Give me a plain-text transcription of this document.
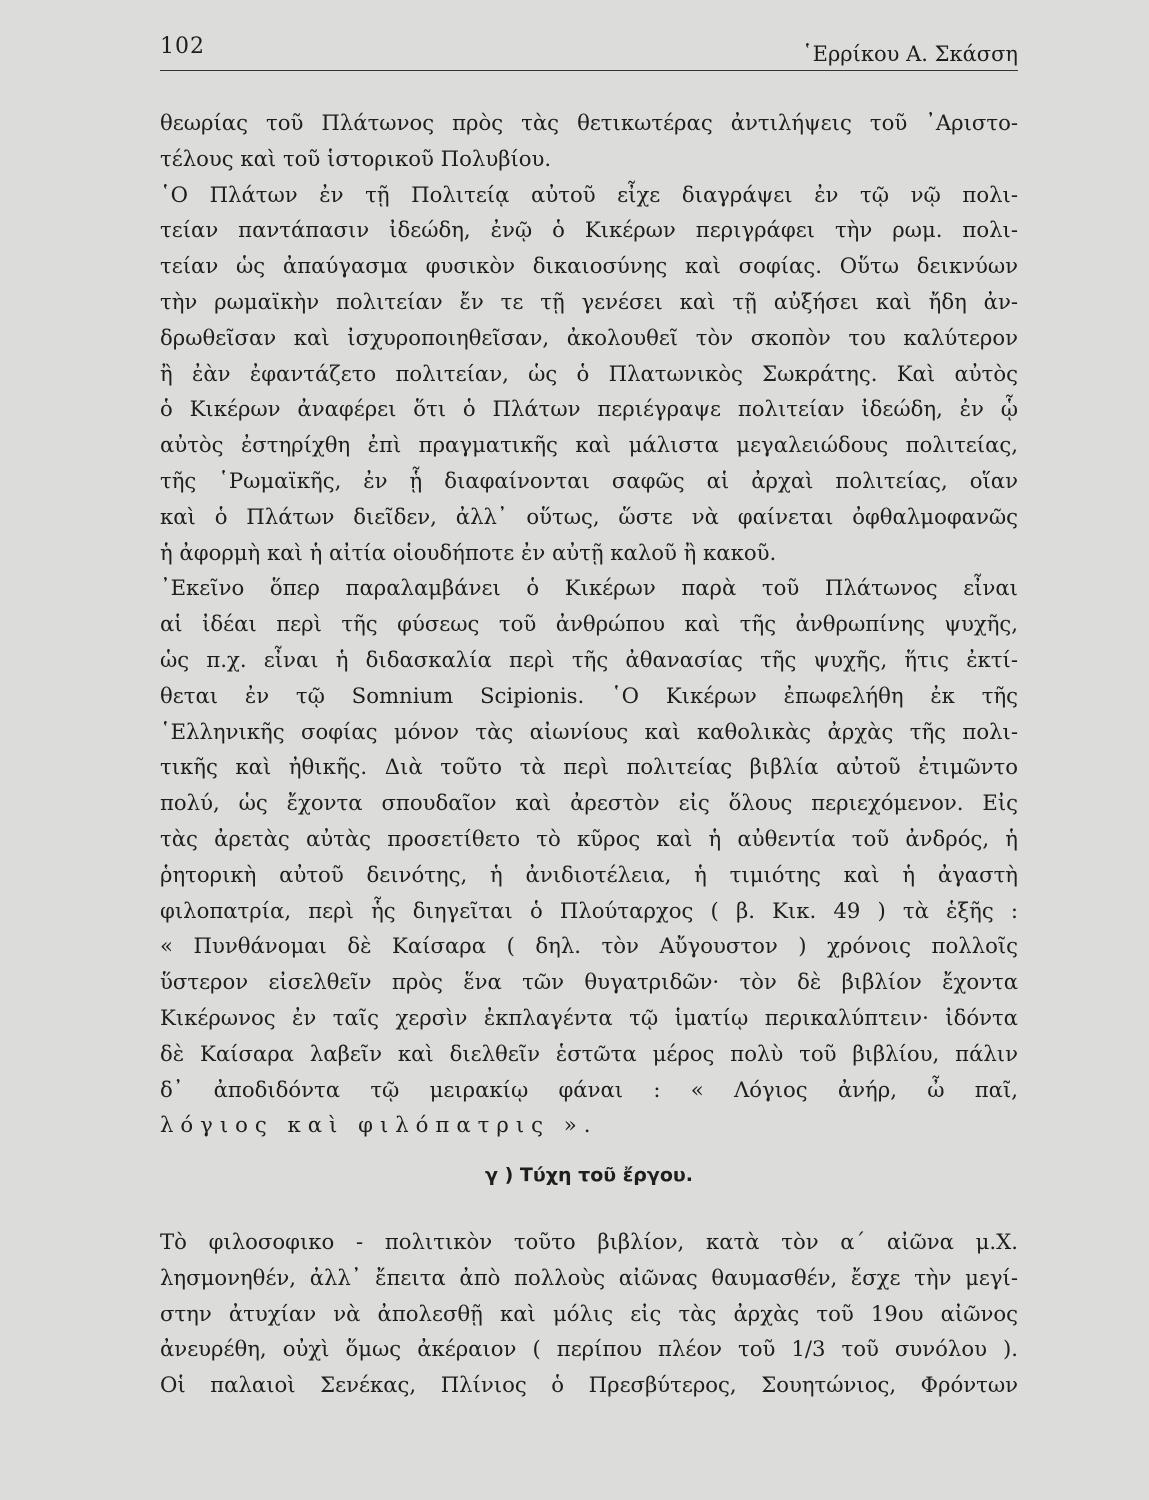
102	῾Ερρίκου Α. Σκάσση

θεωρίας τοῦ Πλάτωνος πρὸς τὰς θετικωτέρας ἀντιλήψεις τοῦ ᾿Αριστο-

τέλους καὶ τοῦ ἱστορικοῦ Πολυβίου.

῾Ο Πλάτων ἐν τῇ Πολιτείᾳ αὐτοῦ εἶχε διαγράψει ἐν τῷ νῷ πολι-

τείαν παντάπασιν ἰδεώδη, ἐνῷ ὁ Κικέρων περιγράφει τὴν ρωμ. πολι-

τείαν ὡς ἀπαύγασμα φυσικὸν δικαιοσύνης καὶ σοφίας. Οὕτω δεικνύων

τὴν ρωμαϊκὴν πολιτείαν ἔν τε τῇ γενέσει καὶ τῇ αὐξήσει καὶ ἤδη ἀν-

δρωθεῖσαν καὶ ἰσχυροποιηθεῖσαν, ἀκολουθεῖ τὸν σκοπὸν του καλύτερον

ἢ ἐὰν ἐφαντάζετο πολιτείαν, ὡς ὁ Πλατωνικὸς Σωκράτης. Καὶ αὐτὸς

ὁ Κικέρων ἀναφέρει ὅτι ὁ Πλάτων περιέγραψε πολιτείαν ἰδεώδη, ἐν ᾧ

αὐτὸς ἐστηρίχθη ἐπὶ πραγματικῆς καὶ μάλιστα μεγαλειώδους πολιτείας,

τῆς ῾Ρωμαϊκῆς, ἐν ᾗ διαφαίνονται σαφῶς αἱ ἀρχαὶ πολιτείας, οἵαν

καὶ ὁ Πλάτων διεῖδεν, ἀλλ᾿ οὕτως, ὥστε νὰ φαίνεται ὀφθαλμοφανῶς

ἡ ἀφορμὴ καὶ ἡ αἰτία οἱουδήποτε ἐν αὐτῇ καλοῦ ἢ κακοῦ.

᾿Εκεῖνο ὅπερ παραλαμβάνει ὁ Κικέρων παρὰ τοῦ Πλάτωνος εἶναι

αἱ ἰδέαι περὶ τῆς φύσεως τοῦ ἀνθρώπου καὶ τῆς ἀνθρωπίνης ψυχῆς,

ὡς π.χ. εἶναι ἡ διδασκαλία περὶ τῆς ἀθανασίας τῆς ψυχῆς, ἥτις ἐκτί-

θεται ἐν τῷ Somnium Scipionis. ῾Ο Κικέρων ἐπωφελήθη ἐκ τῆς

῾Ελληνικῆς σοφίας μόνον τὰς αἰωνίους καὶ καθολικὰς ἀρχὰς τῆς πολι-

τικῆς καὶ ἠθικῆς. Διὰ τοῦτο τὰ περὶ πολιτείας βιβλία αὐτοῦ ἐτιμῶντο

πολύ, ὡς ἔχοντα σπουδαῖον καὶ ἀρεστὸν εἰς ὅλους περιεχόμενον. Εἰς

τὰς ἀρετὰς αὐτὰς προσετίθετο τὸ κῦρος καὶ ἡ αὐθεντία τοῦ ἀνδρός, ἡ

ῥητορικὴ αὐτοῦ δεινότης, ἡ ἀνιδιοτέλεια, ἡ τιμιότης καὶ ἡ ἀγαστὴ

φιλοπατρία, περὶ ἧς διηγεῖται ὁ Πλούταρχος ( β. Κικ. 49 ) τὰ ἑξῆς :

« Πυνθάνομαι δὲ Καίσαρα ( δηλ. τὸν Αὔγουστον ) χρόνοις πολλοῖς

ὕστερον εἰσελθεῖν πρὸς ἕνα τῶν θυγατριδῶν· τὸν δὲ βιβλίον ἔχοντα

Κικέρωνος ἐν ταῖς χερσὶν ἐκπλαγέντα τῷ ἱματίῳ περικαλύπτειν· ἰδόντα

δὲ Καίσαρα λαβεῖν καὶ διελθεῖν ἑστῶτα μέρος πολὺ τοῦ βιβλίου, πάλιν

δ᾿ ἀποδιδόντα τῷ μειρακίῳ φάναι : « Λόγιος ἀνήρ, ὦ παῖ,

λόγιος καὶ φιλόπατρις ».

γ ) Τύχη τοῦ ἔργου.

Τὸ φιλοσοφικο - πολιτικὸν τοῦτο βιβλίον, κατὰ τὸν α´ αἰῶνα μ.Χ.

λησμονηθέν, ἀλλ᾿ ἔπειτα ἀπὸ πολλοὺς αἰῶνας θαυμασθέν, ἔσχε τὴν μεγί-

στην ἀτυχίαν νὰ ἀπολεσθῇ καὶ μόλις εἰς τὰς ἀρχὰς τοῦ 19ου αἰῶνος

ἀνευρέθη, οὐχὶ ὅμως ἀκέραιον ( περίπου πλέον τοῦ 1/3 τοῦ συνόλου ).

Οἱ παλαιοὶ Σενέκας, Πλίνιος ὁ Πρεσβύτερος, Σουητώνιος, Φρόντων
